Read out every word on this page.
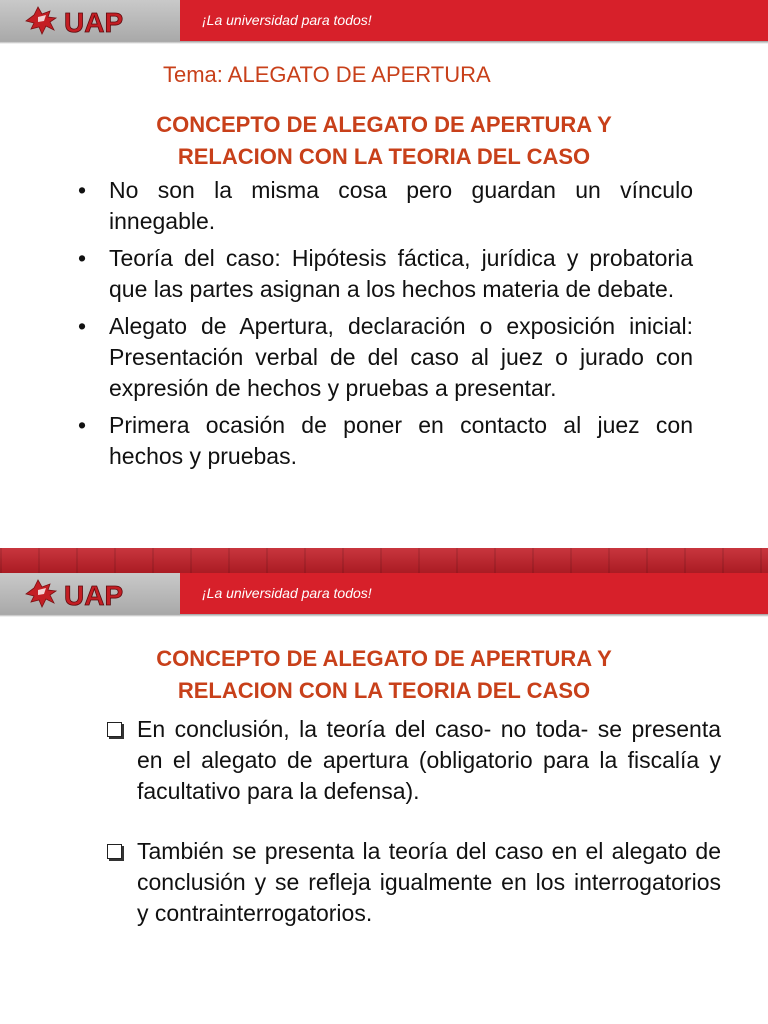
UAP	¡La universidad para todos!
Tema: ALEGATO DE APERTURA
CONCEPTO DE ALEGATO DE APERTURA Y
RELACION CON LA TEORIA DEL CASO
• No son la misma cosa pero guardan un vínculo innegable.
• Teoría del caso: Hipótesis fáctica, jurídica y probatoria que las partes asignan a los hechos materia de debate.
• Alegato de Apertura, declaración o exposición inicial: Presentación verbal de del caso al juez o jurado con expresión de hechos y pruebas a presentar.
• Primera ocasión de poner en contacto al juez con hechos y pruebas.
UAP	¡La universidad para todos!
CONCEPTO DE ALEGATO DE APERTURA Y
RELACION CON LA TEORIA DEL CASO
En conclusión, la teoría del caso- no toda- se presenta en el alegato de apertura (obligatorio para la fiscalía y facultativo para la defensa).
También se presenta la teoría del caso en el alegato de conclusión y se refleja igualmente en los interrogatorios y contrainterrogatorios.
